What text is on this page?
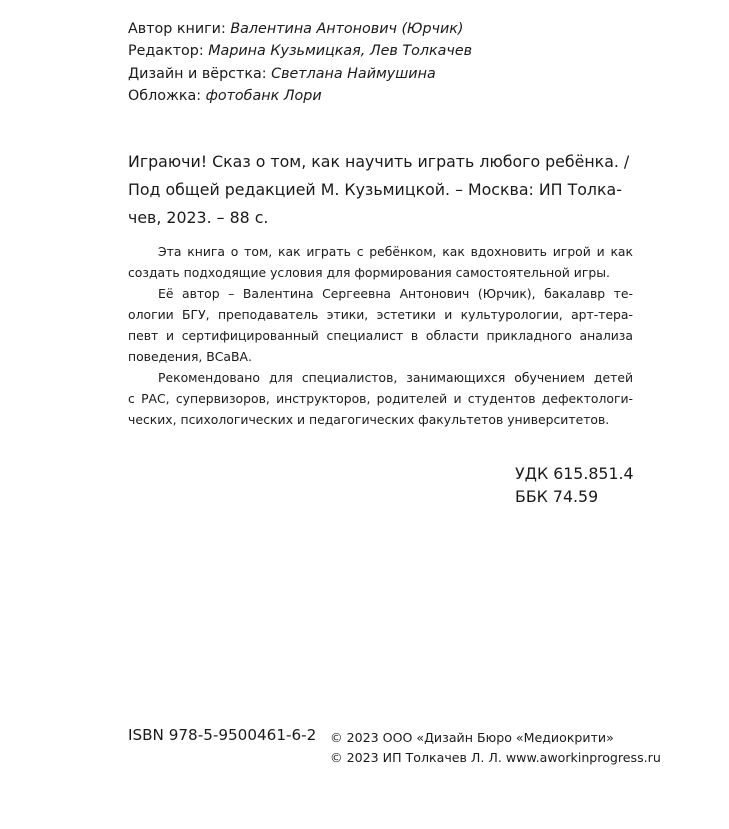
Автор книги: Валентина Антонович (Юрчик)
Редактор: Марина Кузьмицкая, Лев Толкачев
Дизайн и вёрстка: Светлана Наймушина
Обложка: фотобанк Лори
Играючи! Сказ о том, как научить играть любого ребёнка. /
Под общей редакцией М. Кузьмицкой. – Москва: ИП Толка-
чев, 2023. – 88 с.
Эта книга о том, как играть с ребёнком, как вдохновить игрой и как
создать подходящие условия для формирования самостоятельной игры.
Её автор – Валентина Сергеевна Антонович (Юрчик), бакалавр те-
ологии БГУ, преподаватель этики, эстетики и культурологии, арт-тера-
певт и сертифицированный специалист в области прикладного анализа
поведения, ВСаВА.
Рекомендовано для специалистов, занимающихся обучением детей
с РАС, супервизоров, инструкторов, родителей и студентов дефектологи-
ческих, психологических и педагогических факультетов университетов.
УДК 615.851.4
ББК 74.59
ISBN 978-5-9500461-6-2 © 2023 ООО «Дизайн Бюро «Медиокрити»
© 2023 ИП Толкачев Л. Л. www.aworkinprogress.ru
